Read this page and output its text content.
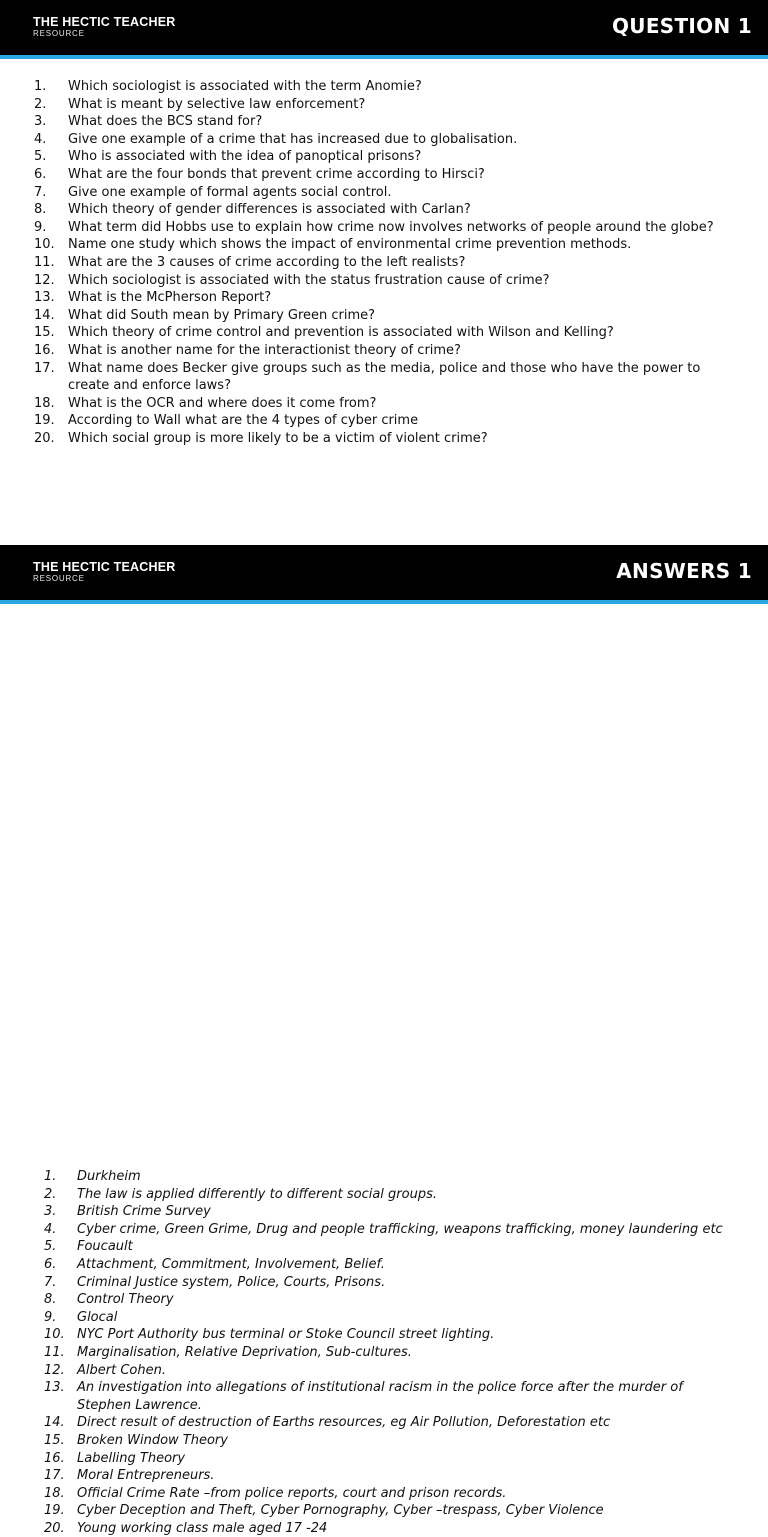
THE HECTIC TEACHER
RESOURCE	QUESTION 1
1.	Which sociologist is associated with the term Anomie?
2.	What is meant by selective law enforcement?
3.	What does the BCS stand for?
4.	Give one example of a crime that has increased due to globalisation.
5.	Who is associated with the idea of panoptical prisons?
6.	What are the four bonds that prevent crime according to Hirsci?
7.	Give one example of formal agents social control.
8.	Which theory of gender differences is associated with Carlan?
9.	What term did Hobbs use to explain how crime now involves networks of people around the globe?
10.	Name one study which shows the impact of environmental crime prevention methods.
11.	What are the 3 causes of crime according to the left realists?
12.	Which sociologist is associated with the status frustration cause of crime?
13.	What is the McPherson Report?
14.	What did South mean by Primary Green crime?
15.	Which theory of crime control and prevention is associated with Wilson and Kelling?
16.	What is another name for the interactionist theory of crime?
17.	What name does Becker give groups such as the media, police and those who have the power to create and enforce laws?
18.	What is the OCR and where does it come from?
19.	According to Wall what are the 4 types of cyber crime
20.	Which social group is more likely to be a victim of violent crime?
THE HECTIC TEACHER
RESOURCE	ANSWERS 1
1.	Durkheim
2.	The law is applied differently to different social groups.
3.	British Crime Survey
4.	Cyber crime, Green Grime, Drug and people trafficking, weapons trafficking, money laundering etc
5.	Foucault
6.	Attachment, Commitment, Involvement, Belief.
7.	Criminal Justice system, Police, Courts, Prisons.
8.	Control Theory
9.	Glocal
10. NYC Port Authority bus terminal or Stoke Council street lighting.
11. Marginalisation, Relative Deprivation, Sub-cultures.
12. Albert Cohen.
13. An investigation into allegations of institutional racism in the police force after the murder of Stephen Lawrence.
14. Direct result of destruction of Earths resources, eg Air Pollution, Deforestation etc
15. Broken Window Theory
16. Labelling Theory
17. Moral Entrepreneurs.
18. Official Crime Rate –from police reports, court and prison records.
19. Cyber Deception and Theft, Cyber Pornography, Cyber –trespass, Cyber Violence
20. Young working class male aged 17 -24
